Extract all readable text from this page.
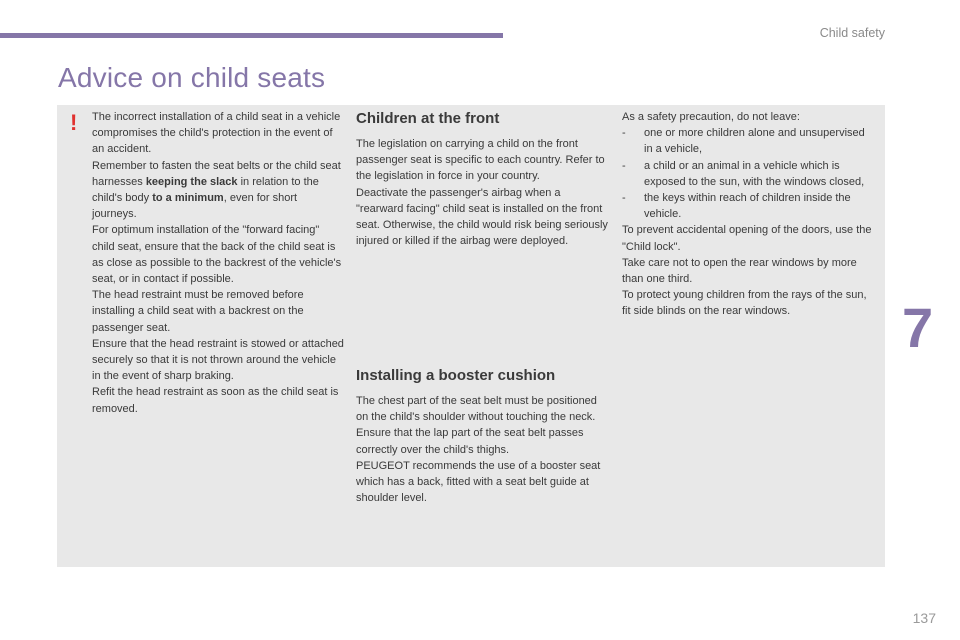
Child safety
Advice on child seats
! The incorrect installation of a child seat in a vehicle compromises the child's protection in the event of an accident.

Remember to fasten the seat belts or the child seat harnesses keeping the slack in relation to the child's body to a minimum, even for short journeys.

For optimum installation of the "forward facing" child seat, ensure that the back of the child seat is as close as possible to the backrest of the vehicle's seat, or in contact if possible.

The head restraint must be removed before installing a child seat with a backrest on the passenger seat.

Ensure that the head restraint is stowed or attached securely so that it is not thrown around the vehicle in the event of sharp braking.

Refit the head restraint as soon as the child seat is removed.

Children at the front

The legislation on carrying a child on the front passenger seat is specific to each country. Refer to the legislation in force in your country.

Deactivate the passenger's airbag when a "rearward facing" child seat is installed on the front seat. Otherwise, the child would risk being seriously injured or killed if the airbag were deployed.

Installing a booster cushion

The chest part of the seat belt must be positioned on the child's shoulder without touching the neck.

Ensure that the lap part of the seat belt passes correctly over the child's thighs.

PEUGEOT recommends the use of a booster seat which has a back, fitted with a seat belt guide at shoulder level.

As a safety precaution, do not leave:

-	one or more children alone and unsupervised in a vehicle,
-	a child or an animal in a vehicle which is exposed to the sun, with the windows closed,
-	the keys within reach of children inside the vehicle.

To prevent accidental opening of the doors, use the "Child lock".

Take care not to open the rear windows by more than one third.

To protect young children from the rays of the sun, fit side blinds on the rear windows.	7
137
